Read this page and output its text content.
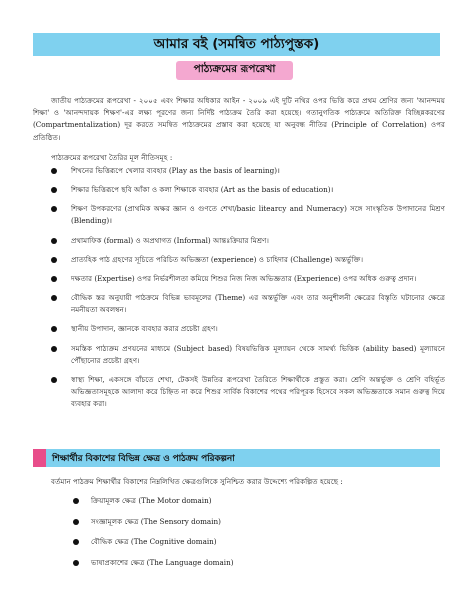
আমার বই (সমন্বিত পাঠ্যপুস্তক)
পাঠ্যক্রমের রূপরেখা

জাতীয় পাঠ্যক্রমের রূপরেখা - ২০০৫ এবং শিক্ষার অধিকার আইন - ২০০৯ এই দুটি নথির ওপর ভিত্তি করে প্রথম শ্রেণির জন্য 'আনন্দময় শিক্ষা' ও 'আনন্দদায়ক শিক্ষণ'-এর লক্ষ্য পূরণের জন্য নির্দিষ্ট পাঠ্যক্রম তৈরি করা হয়েছে। গতানুগতিক পাঠ্যক্রমে অতিরিক্ত বিচ্ছিন্নকরণের (Compartmentalization) দূর করতে সমন্বিত পাঠ্যক্রমের প্রস্তাব করা হয়েছে যা অনুবন্ধ নীতির (Principle of Correlation) ওপর প্রতিষ্ঠিত।

পাঠ্যক্রমের রূপরেখা তৈরির মূল নীতিসমূহ :

শিখনের ভিত্তিরূপে খেলার ব্যবহার (Play as the basis of learning)।
শিক্ষার ভিত্তিরূপে ছবি আঁকা ও কলা শিক্ষাকে ব্যবহার (Art as the basis of education)।
শিক্ষণ উপকরণের (প্রাথমিক অক্ষর জ্ঞান ও গুণতে শেখা/basic litearcy and Numeracy) সঙ্গে সাংস্কৃতিক উপাদানের মিশ্রণ (Blending)।
প্রথামাফিক (formal) ও অপ্রথাগত (Informal) আন্তঃক্রিয়ার মিশ্রণ।
প্রাত্যহিক পাঠ গ্রহণের সূচিতে পরিচিত অভিজ্ঞতা (experience) ও চাহিদার (Challenge) অন্তর্ভুক্তি।
দক্ষতার (Expertise) ওপর নির্ভরশীলতা কমিয়ে শিশুর নিজ নিজ অভিজ্ঞতার (Experience) ওপর অধিক গুরুত্ব প্রদান।
বৌদ্ধিক স্তর অনুযায়ী পাঠক্রমে বিভিন্ন ভাবমূলের (Theme) এর অন্তর্ভুক্তি এবং তার অনুশীলনী ক্ষেত্রের বিস্তৃতি ঘটানোর ক্ষেত্রে নমনীয়তা অবলম্বন।
স্থানীয় উপাদান, জ্ঞানকে ব্যবহার করার প্রচেষ্টা গ্রহণ।
সমস্তিক পাঠ্যক্রম প্রণয়নের মাধ্যমে (Subject based) বিষয়ভিত্তিক মূল্যায়ন থেকে সামর্থ্য ভিত্তিক (ability based) মূল্যায়নে পৌঁছানোর প্রচেষ্টা গ্রহণ।
স্বাস্থ্য শিক্ষা, একসঙ্গে বাঁচতে শেখা, টেকসই উন্নতির রূপরেখা তৈরিতে শিক্ষার্থীকে প্রস্তুত করা। শ্রেণি অন্তর্ভুক্ত ও শ্রেণি বহির্ভূত অভিজ্ঞতাসমূহকে আলাদা করে চিহ্নিত না করে শিশুর সার্বিক বিকাশের পথের পরিপূরক হিসেবে সকল অভিজ্ঞতাকে সমান গুরুত্ব দিয়ে ব্যবহার করা।
শিক্ষার্থীর বিকাশের বিভিন্ন ক্ষেত্র ও পাঠক্রম পরিকল্পনা

বর্তমান পাঠক্রম শিক্ষার্থীর বিকাশের নিম্নলিখিত ক্ষেত্রগুলিকে সুনিশ্চিত করার উদ্দেশ্যে পরিকল্পিত হয়েছে :

ক্রিয়ামূলক ক্ষেত্র (The Motor domain)
সংজ্ঞামূলক ক্ষেত্র (The Sensory domain)
বৌদ্ধিক ক্ষেত্র (The Cognitive domain)
ভাষাপ্রকাশের ক্ষেত্র (The Language domain)
